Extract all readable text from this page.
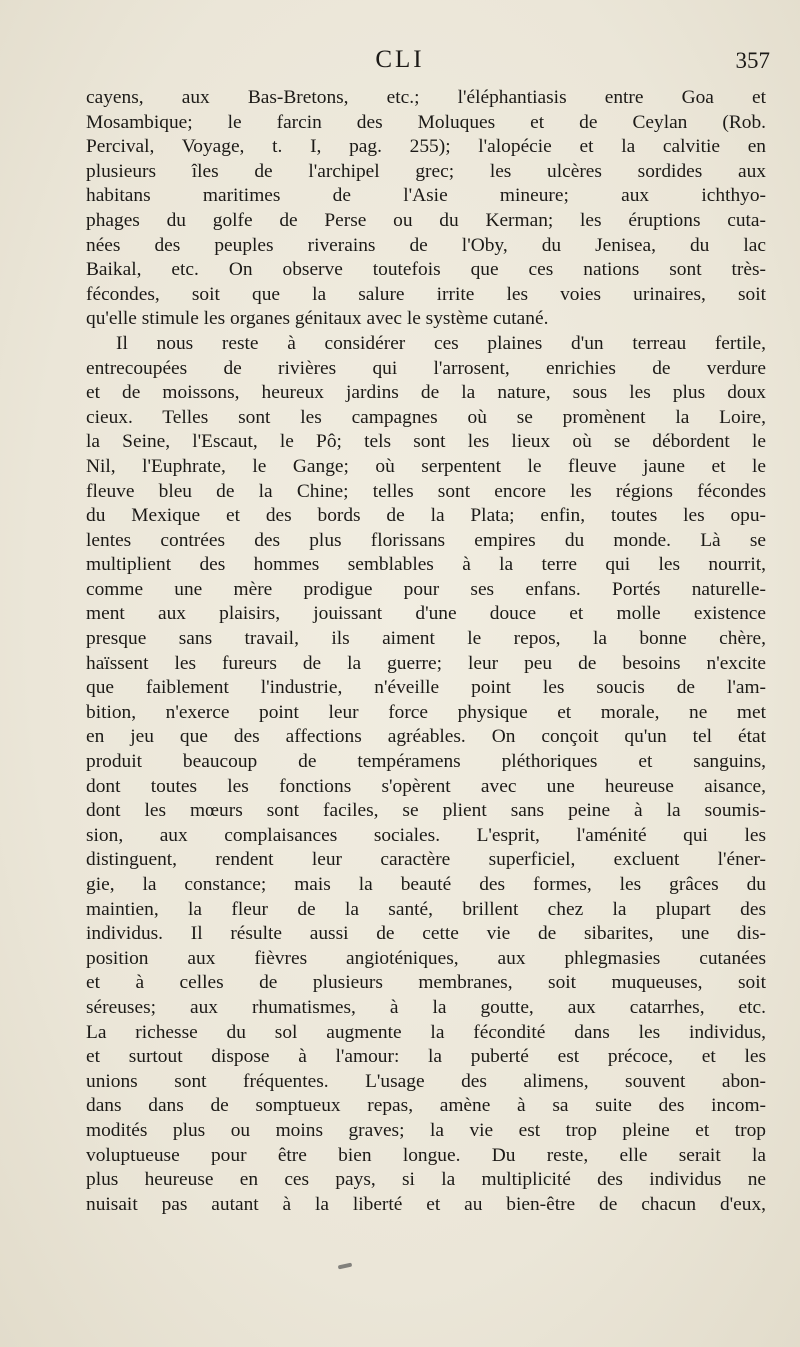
CLI	357
cayens, aux Bas-Bretons, etc.; l'éléphantiasis entre Goa et
Mosambique; le farcin des Moluques et de Ceylan (Rob.
Percival, Voyage, t. I, pag. 255); l'alopécie et la calvitie en
plusieurs îles de l'archipel grec; les ulcères sordides aux
habitans maritimes de l'Asie mineure; aux ichthyo-
phages du golfe de Perse ou du Kerman; les éruptions cuta-
nées des peuples riverains de l'Oby, du Jenisea, du lac
Baikal, etc. On observe toutefois que ces nations sont très-
fécondes, soit que la salure irrite les voies urinaires, soit
qu'elle stimule les organes génitaux avec le système cutané.
Il nous reste à considérer ces plaines d'un terreau fertile,
entrecoupées de rivières qui l'arrosent, enrichies de verdure
et de moissons, heureux jardins de la nature, sous les plus doux
cieux. Telles sont les campagnes où se promènent la Loire,
la Seine, l'Escaut, le Pô; tels sont les lieux où se débordent le
Nil, l'Euphrate, le Gange; où serpentent le fleuve jaune et le
fleuve bleu de la Chine; telles sont encore les régions fécondes
du Mexique et des bords de la Plata; enfin, toutes les opu-
lentes contrées des plus florissans empires du monde. Là se
multiplient des hommes semblables à la terre qui les nourrit,
comme une mère prodigue pour ses enfans. Portés naturelle-
ment aux plaisirs, jouissant d'une douce et molle existence
presque sans travail, ils aiment le repos, la bonne chère,
haïssent les fureurs de la guerre; leur peu de besoins n'excite
que faiblement l'industrie, n'éveille point les soucis de l'am-
bition, n'exerce point leur force physique et morale, ne met
en jeu que des affections agréables. On conçoit qu'un tel état
produit beaucoup de tempéramens pléthoriques et sanguins,
dont toutes les fonctions s'opèrent avec une heureuse aisance,
dont les mœurs sont faciles, se plient sans peine à la soumis-
sion, aux complaisances sociales. L'esprit, l'aménité qui les
distinguent, rendent leur caractère superficiel, excluent l'éner-
gie, la constance; mais la beauté des formes, les grâces du
maintien, la fleur de la santé, brillent chez la plupart des
individus. Il résulte aussi de cette vie de sibarites, une dis-
position aux fièvres angioténiques, aux phlegmasies cutanées
et à celles de plusieurs membranes, soit muqueuses, soit
séreuses; aux rhumatismes, à la goutte, aux catarrhes, etc.
La richesse du sol augmente la fécondité dans les individus,
et surtout dispose à l'amour: la puberté est précoce, et les
unions sont fréquentes. L'usage des alimens, souvent abon-
dans dans de somptueux repas, amène à sa suite des incom-
modités plus ou moins graves; la vie est trop pleine et trop
voluptueuse pour être bien longue. Du reste, elle serait la
plus heureuse en ces pays, si la multiplicité des individus ne
nuisait pas autant à la liberté et au bien-être de chacun d'eux,
